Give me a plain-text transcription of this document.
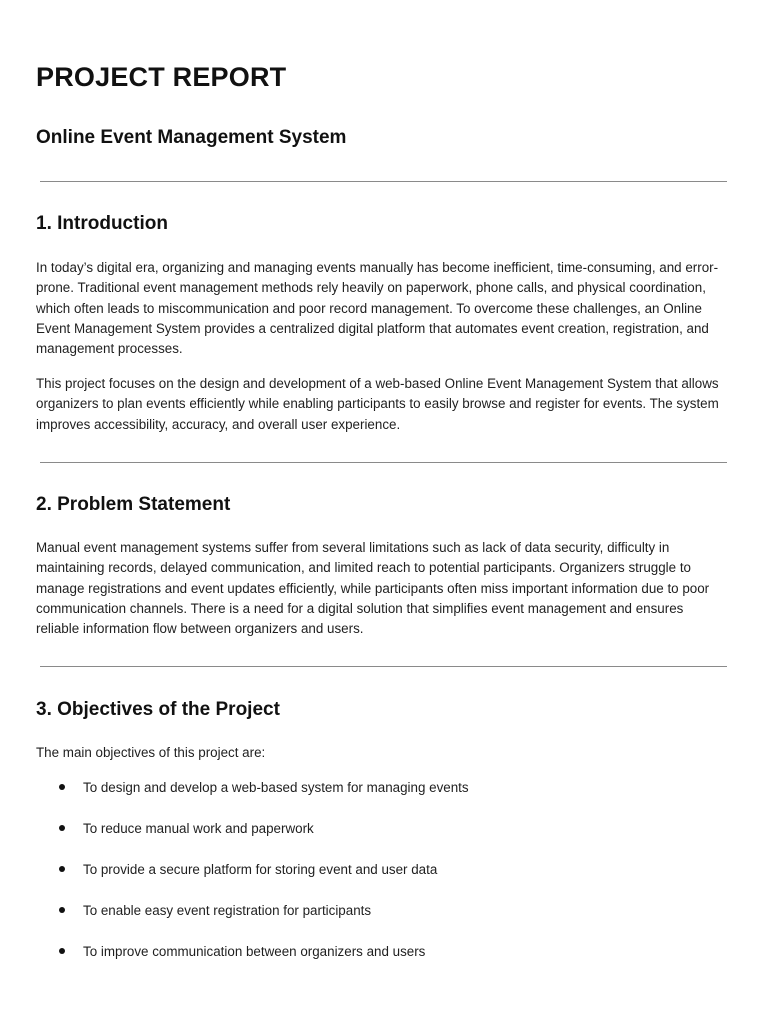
PROJECT REPORT
Online Event Management System
1. Introduction

In today’s digital era, organizing and managing events manually has become inefficient, time-consuming, and error-prone. Traditional event management methods rely heavily on paperwork, phone calls, and physical coordination, which often leads to miscommunication and poor record management. To overcome these challenges, an Online Event Management System provides a centralized digital platform that automates event creation, registration, and management processes.

This project focuses on the design and development of a web-based Online Event Management System that allows organizers to plan events efficiently while enabling participants to easily browse and register for events. The system improves accessibility, accuracy, and overall user experience.

2. Problem Statement

Manual event management systems suffer from several limitations such as lack of data security, difficulty in maintaining records, delayed communication, and limited reach to potential participants. Organizers struggle to manage registrations and event updates efficiently, while participants often miss important information due to poor communication channels. There is a need for a digital solution that simplifies event management and ensures reliable information flow between organizers and users.

3. Objectives of the Project

The main objectives of this project are:

To design and develop a web-based system for managing events
To reduce manual work and paperwork
To provide a secure platform for storing event and user data
To enable easy event registration for participants
To improve communication between organizers and users
